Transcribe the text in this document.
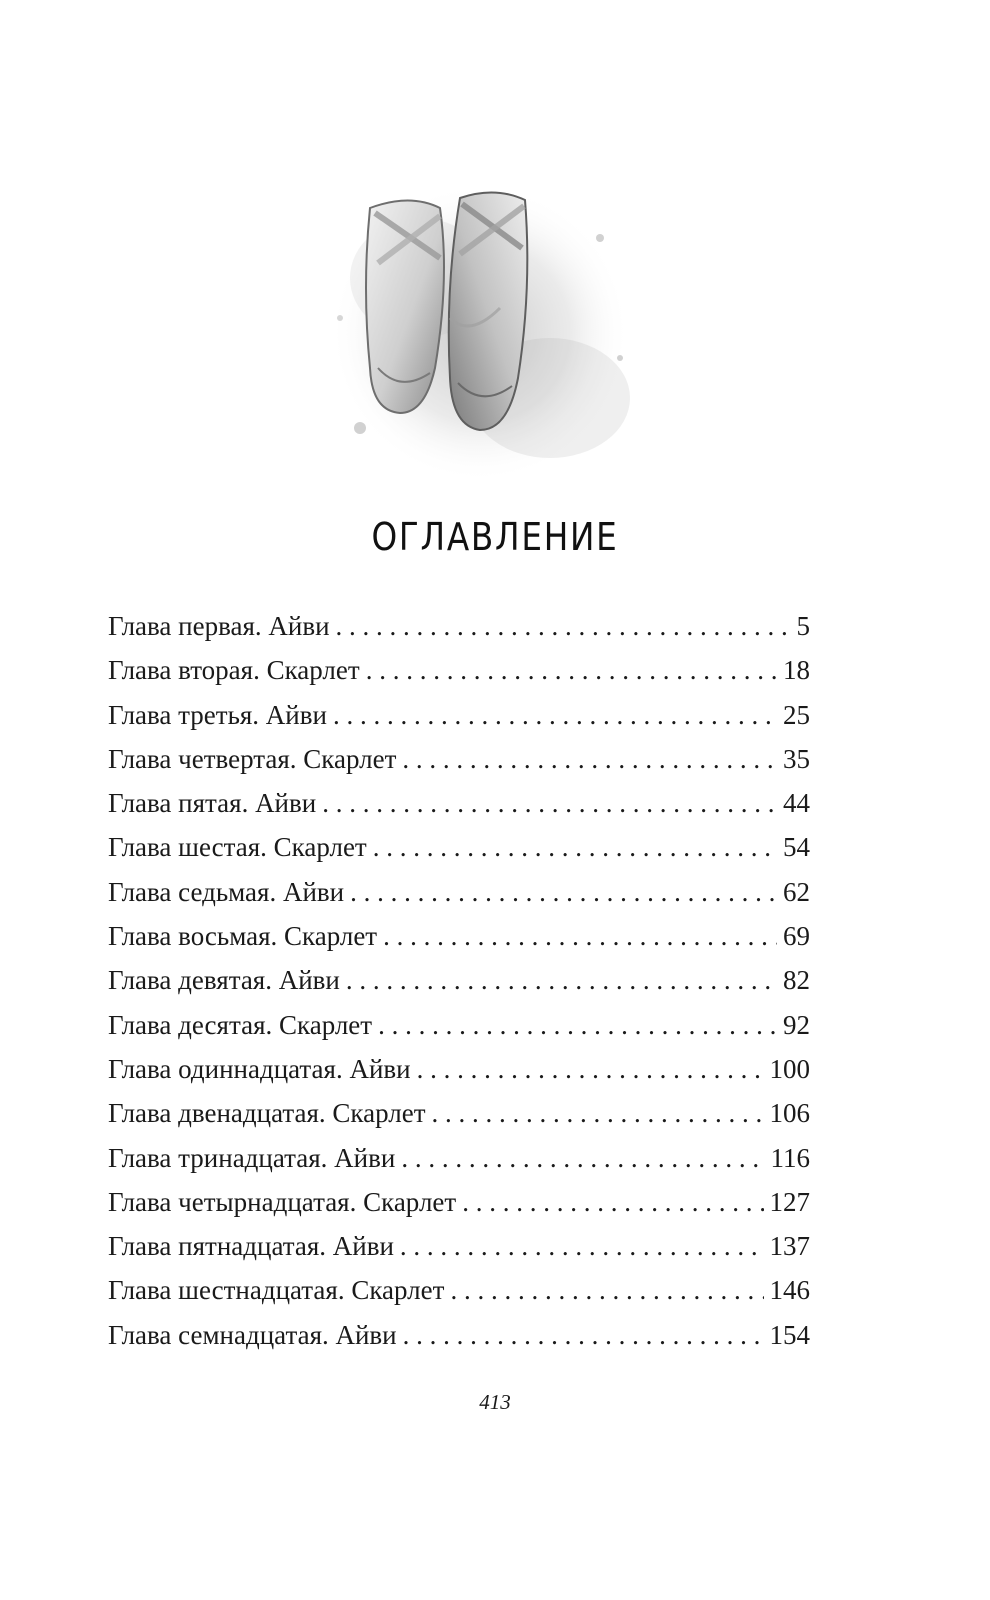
ОГЛАВЛЕНИЕ
Глава первая. Айви . . .	5
Глава вторая. Скарлет . . .	18
Глава третья. Айви . . .	25
Глава четвертая. Скарлет . . .	35
Глава пятая. Айви . . .	44
Глава шестая. Скарлет . . .	54
Глава седьмая. Айви . . .	62
Глава восьмая. Скарлет . . .	69
Глава девятая. Айви . . .	82
Глава десятая. Скарлет . . .	92
Глава одиннадцатая. Айви . . .	100
Глава двенадцатая. Скарлет . . .	106
Глава тринадцатая. Айви . . .	116
Глава четырнадцатая. Скарлет . . .	127
Глава пятнадцатая. Айви . . .	137
Глава шестнадцатая. Скарлет . . .	146
Глава семнадцатая. Айви . . .	154
413
